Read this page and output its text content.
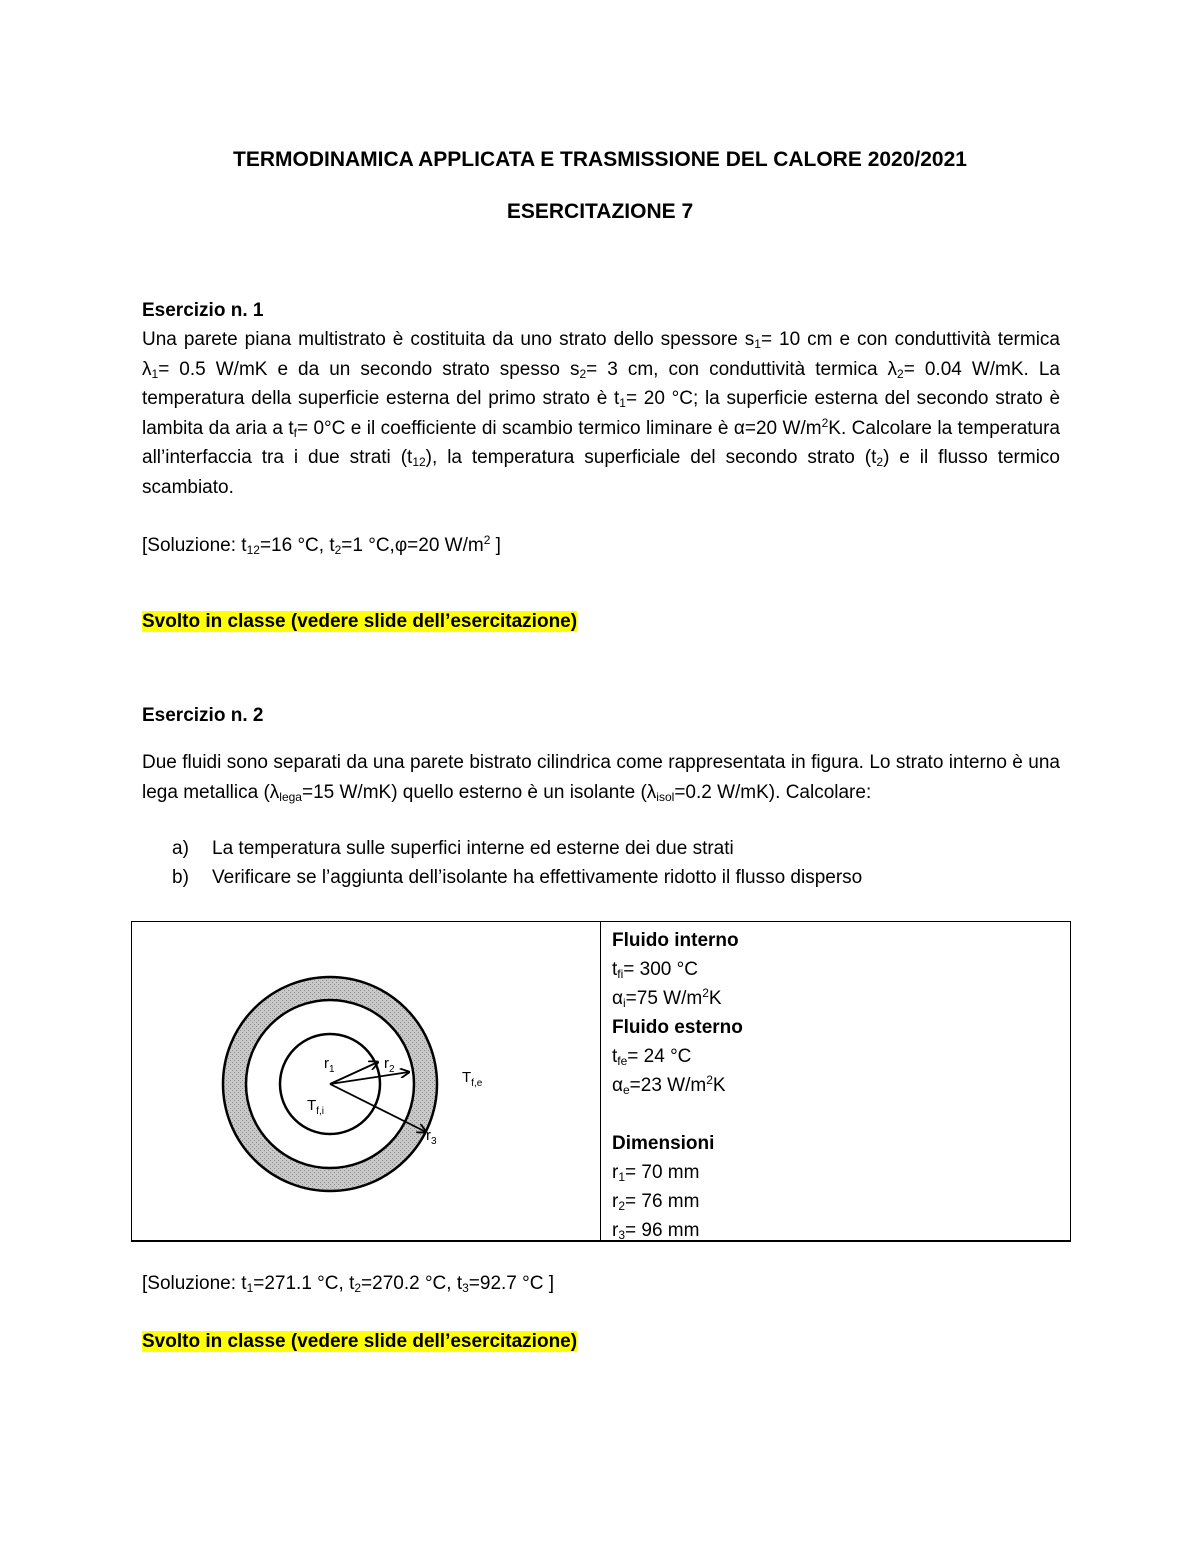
TERMODINAMICA APPLICATA E TRASMISSIONE DEL CALORE 2020/2021
ESERCITAZIONE 7
Esercizio n. 1
Una parete piana multistrato è costituita da uno strato dello spessore $s_1= 10$ cm e con conduttività termica $\lambda_1= 0.5$ W/mK e da un secondo strato spesso $s_2= 3$ cm, con conduttività termica $\lambda_2= 0.04$ W/mK. La temperatura della superficie esterna del primo strato è $t_1= 20$ °C; la superficie esterna del secondo strato è lambita da aria a $t_f= 0^\circ C$ e il coefficiente di scambio termico liminare è α=20 $W/m^2K$. Calcolare la temperatura all’interfaccia tra i due strati $(t_{12})$, la temperatura superficiale del secondo strato $(t_2)$ e il flusso termico scambiato.
[Soluzione: $t_{12}=16$ °C, $t_2=1$ °C,φ=20 $W/m^2$ ]
Svolto in classe (vedere slide dell’esercitazione)
Esercizio n. 2
Due fluidi sono separati da una parete bistrato cilindrica come rappresentata in figura. Lo strato interno è una lega metallica ($\lambda_{lega}=15$ W/mK) quello esterno è un isolante ($\lambda_{isol}=0.2$ W/mK). Calcolare:
a) La temperatura sulle superfici interne ed esterne dei due strati
b) Verificare se l’aggiunta dell’isolante ha effettivamente ridotto il flusso disperso
$r_1$	$r_2$
$r_3$
$T_{f,i}$
$T_{f,e}$
Fluido interno
$t_{fi}= 300$ °C
$\alpha_i=75$ $W/m^2K$
Fluido esterno
$t_{fe}= 24$ °C
$\alpha_e=23$ $W/m^2K$
Dimensioni
$r_1= 70$ mm
$r_2= 76$ mm
$r_3= 96$ mm
[Soluzione: $t_1=271.1$ °C, $t_2=270.2$ °C, $t_3=92.7$ °C ]
Svolto in classe (vedere slide dell’esercitazione)
